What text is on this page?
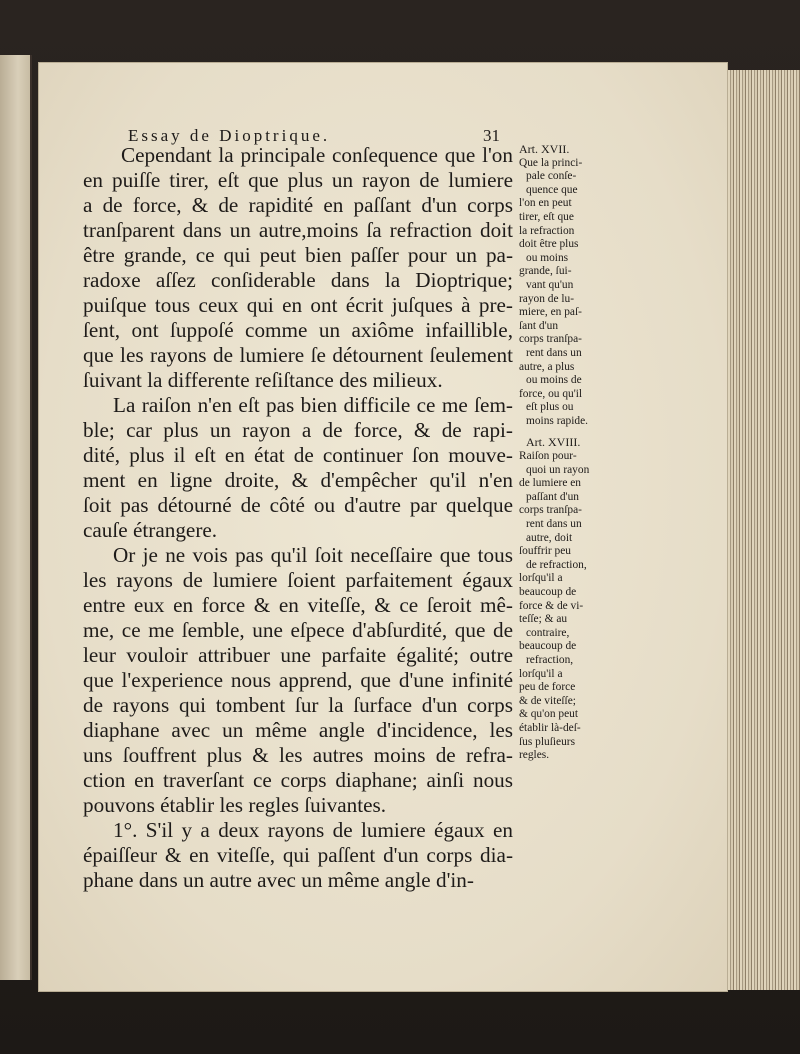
Essay de Dioptrique.	31
Cependant la principale conſequence que l'on
en puiſſe tirer, eſt que plus un rayon de lumiere
a de force, & de rapidité en paſſant d'un corps
tranſparent dans un autre,moins ſa refraction doit
être grande, ce qui peut bien paſſer pour un pa-
radoxe aſſez conſiderable dans la Dioptrique;
puiſque tous ceux qui en ont écrit juſques à pre-
ſent, ont ſuppoſé comme un axiôme infaillible,
que les rayons de lumiere ſe détournent ſeulement
ſuivant la differente reſiſtance des milieux.
La raiſon n'en eſt pas bien difficile ce me ſem-
ble; car plus un rayon a de force, & de rapi-
dité, plus il eſt en état de continuer ſon mouve-
ment en ligne droite, & d'empêcher qu'il n'en
ſoit pas détourné de côté ou d'autre par quelque
cauſe étrangere.
Or je ne vois pas qu'il ſoit neceſſaire que tous
les rayons de lumiere ſoient parfaitement égaux
entre eux en force & en viteſſe, & ce ſeroit mê-
me, ce me ſemble, une eſpece d'abſurdité, que de
leur vouloir attribuer une parfaite égalité; outre
que l'experience nous apprend, que d'une infinité
de rayons qui tombent ſur la ſurface d'un corps
diaphane avec un même angle d'incidence, les
uns ſouffrent plus & les autres moins de refra-
ction en traverſant ce corps diaphane; ainſi nous
pouvons établir les regles ſuivantes.
1°. S'il y a deux rayons de lumiere égaux en
épaiſſeur & en viteſſe, qui paſſent d'un corps dia-
phane dans un autre avec un même angle d'in-
Art. XVII.
Que la princi-
pale conſe-
quence que
l'on en peut
tirer, eſt que
la refraction
doit être plus
ou moins
grande, ſui-
vant qu'un
rayon de lu-
miere, en paſ-
ſant d'un
corps tranſpa-
rent dans un
autre, a plus
ou moins de
force, ou qu'il
eſt plus ou
moins rapide.
Art. XVIII.
Raiſon pour-
quoi un rayon
de lumiere en
paſſant d'un
corps tranſpa-
rent dans un
autre, doit
ſouffrir peu
de refraction,
lorſqu'il a
beaucoup de
force & de vi-
teſſe; & au
contraire,
beaucoup de
refraction,
lorſqu'il a
peu de force
& de viteſſe;
& qu'on peut
établir là-deſ-
ſus pluſieurs
regles.
